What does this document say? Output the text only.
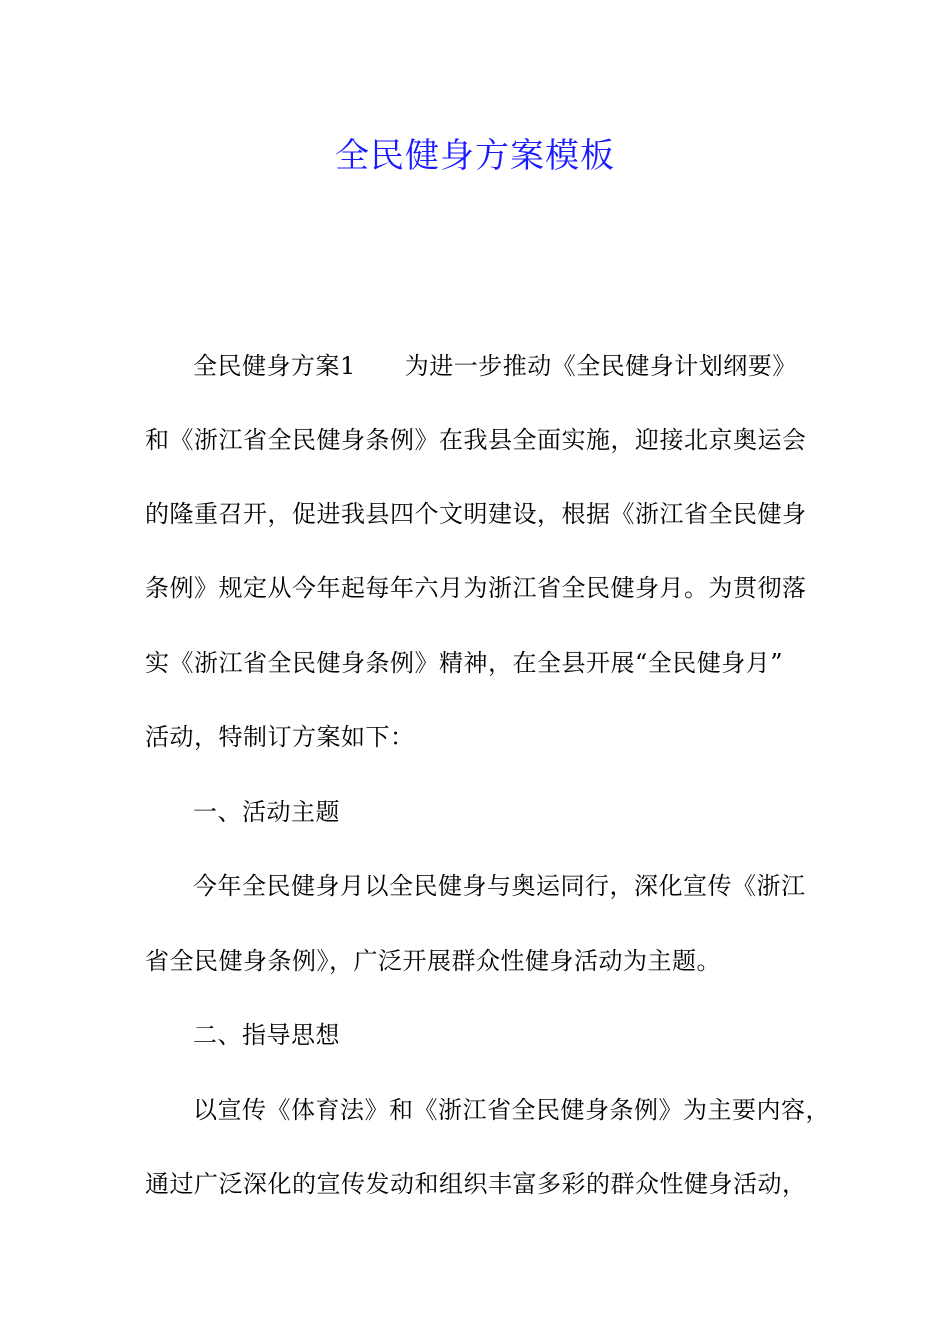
全民健身方案模板

全民健身方案1　　为进一步推动《全民健身计划纲要》

和《浙江省全民健身条例》在我县全面实施，迎接北京奥运会

的隆重召开，促进我县四个文明建设，根据《浙江省全民健身

条例》规定从今年起每年六月为浙江省全民健身月。为贯彻落

实《浙江省全民健身条例》精神，在全县开展“全民健身月”

活动，特制订方案如下：

一、活动主题

今年全民健身月以全民健身与奥运同行，深化宣传《浙江

省全民健身条例》，广泛开展群众性健身活动为主题。

二、指导思想

以宣传《体育法》和《浙江省全民健身条例》为主要内容，

通过广泛深化的宣传发动和组织丰富多彩的群众性健身活动，
